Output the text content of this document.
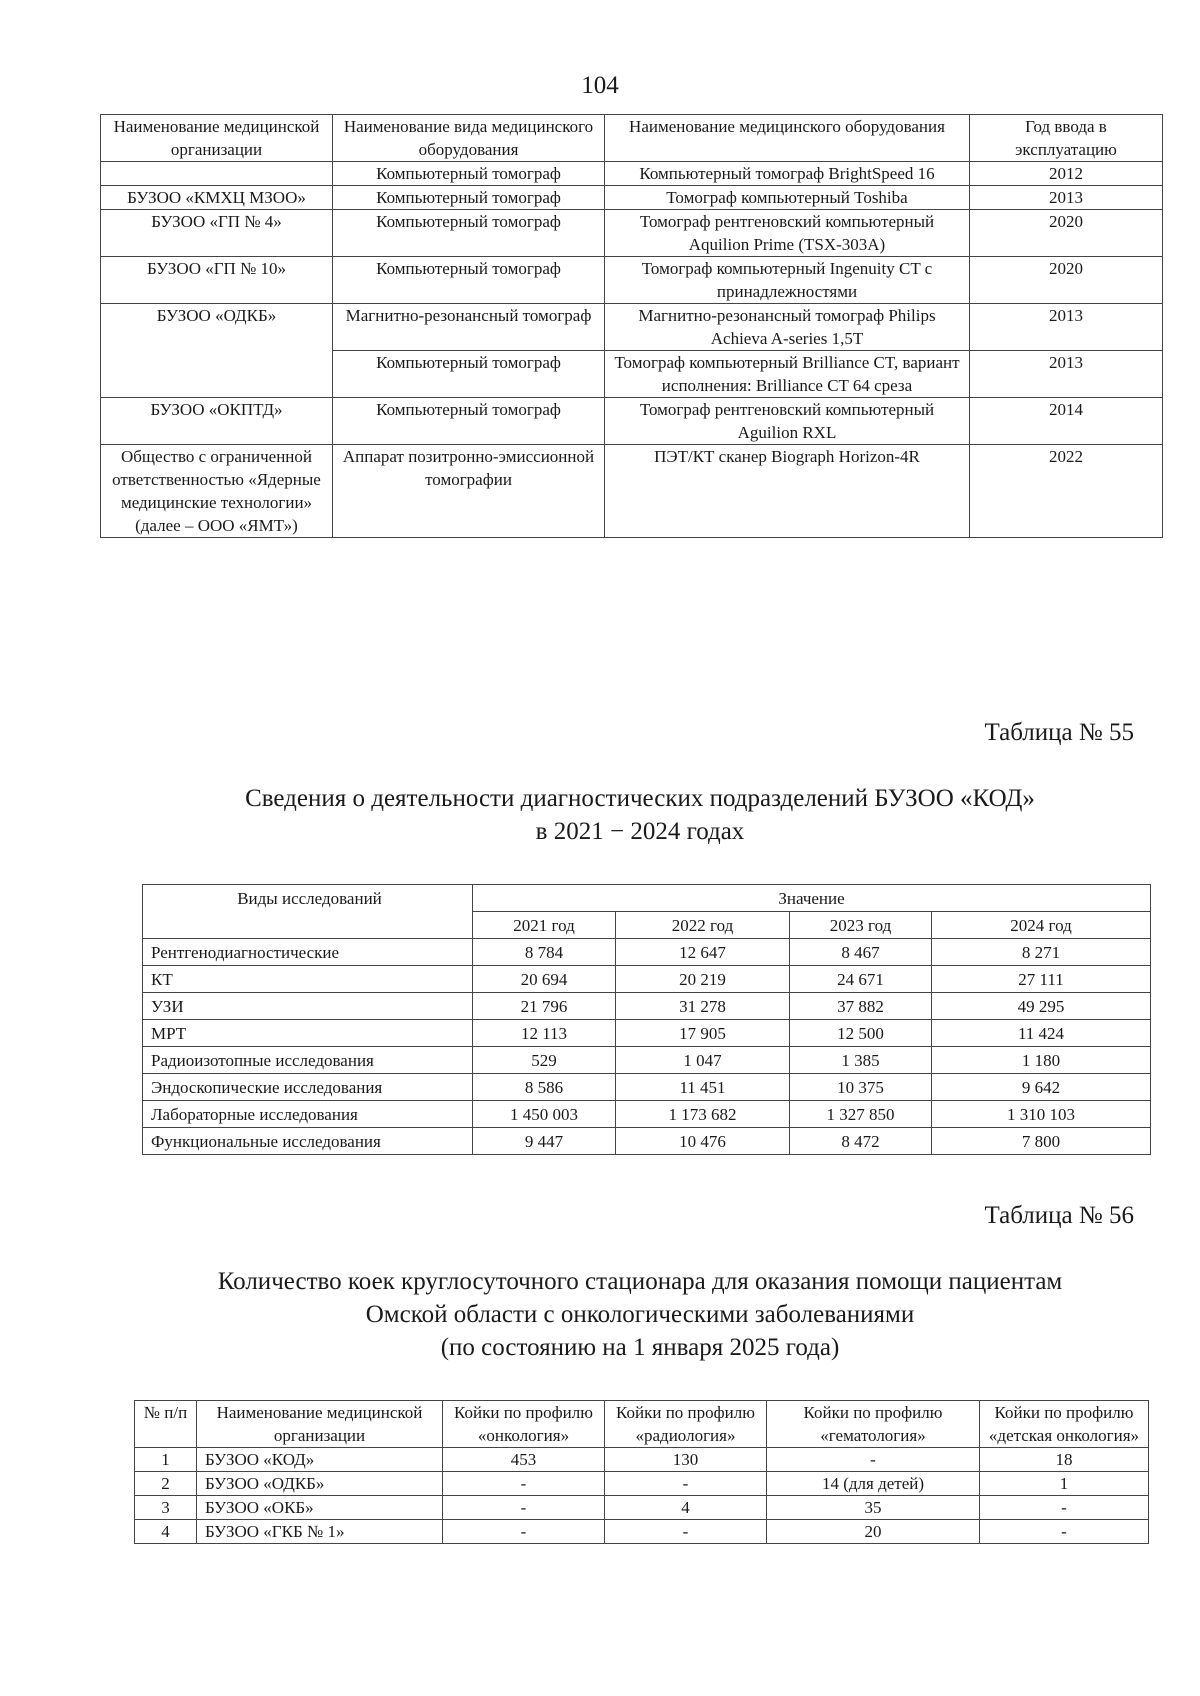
104
Наименование медицинской организации	Наименование вида медицинского оборудования	Наименование медицинского оборудования	Год ввода в эксплуатацию
	Компьютерный томограф	Компьютерный томограф BrightSpeed 16	2012
БУЗОО «КМХЦ МЗОО»	Компьютерный томограф	Томограф компьютерный Toshiba	2013
БУЗОО «ГП № 4»	Компьютерный томограф	Томограф рентгеновский компьютерный Aquilion Prime (TSX-303A)	2020
БУЗОО «ГП № 10»	Компьютерный томограф	Томограф компьютерный Ingenuity CT с принадлежностями	2020
БУЗОО «ОДКБ»	Магнитно-резонансный томограф	Магнитно-резонансный томограф Philips Achieva A-series 1,5T	2013
	Компьютерный томограф	Томограф компьютерный Brilliance CT, вариант исполнения: Brilliance CT 64 среза	2013
БУЗОО «ОКПТД»	Компьютерный томограф	Томограф рентгеновский компьютерный Aguilion RXL	2014
Общество с ограниченной ответственностью «Ядерные медицинские технологии» (далее – ООО «ЯМТ»)	Аппарат позитронно-эмиссионной томографии	ПЭТ/КТ сканер Biograph Horizon-4R	2022
Таблица № 55
Сведения о деятельности диагностических подразделений БУЗОО «КОД»
в 2021 − 2024 годах
Виды исследований	Значение			
	2021 год	2022 год	2023 год	2024 год
Рентгенодиагностические	8 784	12 647	8 467	8 271
КТ	20 694	20 219	24 671	27 111
УЗИ	21 796	31 278	37 882	49 295
МРТ	12 113	17 905	12 500	11 424
Радиоизотопные исследования	529	1 047	1 385	1 180
Эндоскопические исследования	8 586	11 451	10 375	9 642
Лабораторные исследования	1 450 003	1 173 682	1 327 850	1 310 103
Функциональные исследования	9 447	10 476	8 472	7 800
Таблица № 56
Количество коек круглосуточного стационара для оказания помощи пациентам
Омской области с онкологическими заболеваниями
(по состоянию на 1 января 2025 года)
№ п/п	Наименование медицинской организации	Койки по профилю «онкология»	Койки по профилю «радиология»	Койки по профилю «гематология»	Койки по профилю «детская онкология»
1	БУЗОО «КОД»	453	130	-	18
2	БУЗОО «ОДКБ»	-	-	14 (для детей)	1
3	БУЗОО «ОКБ»	-	4	35	-
4	БУЗОО «ГКБ № 1»	-	-	20	-
